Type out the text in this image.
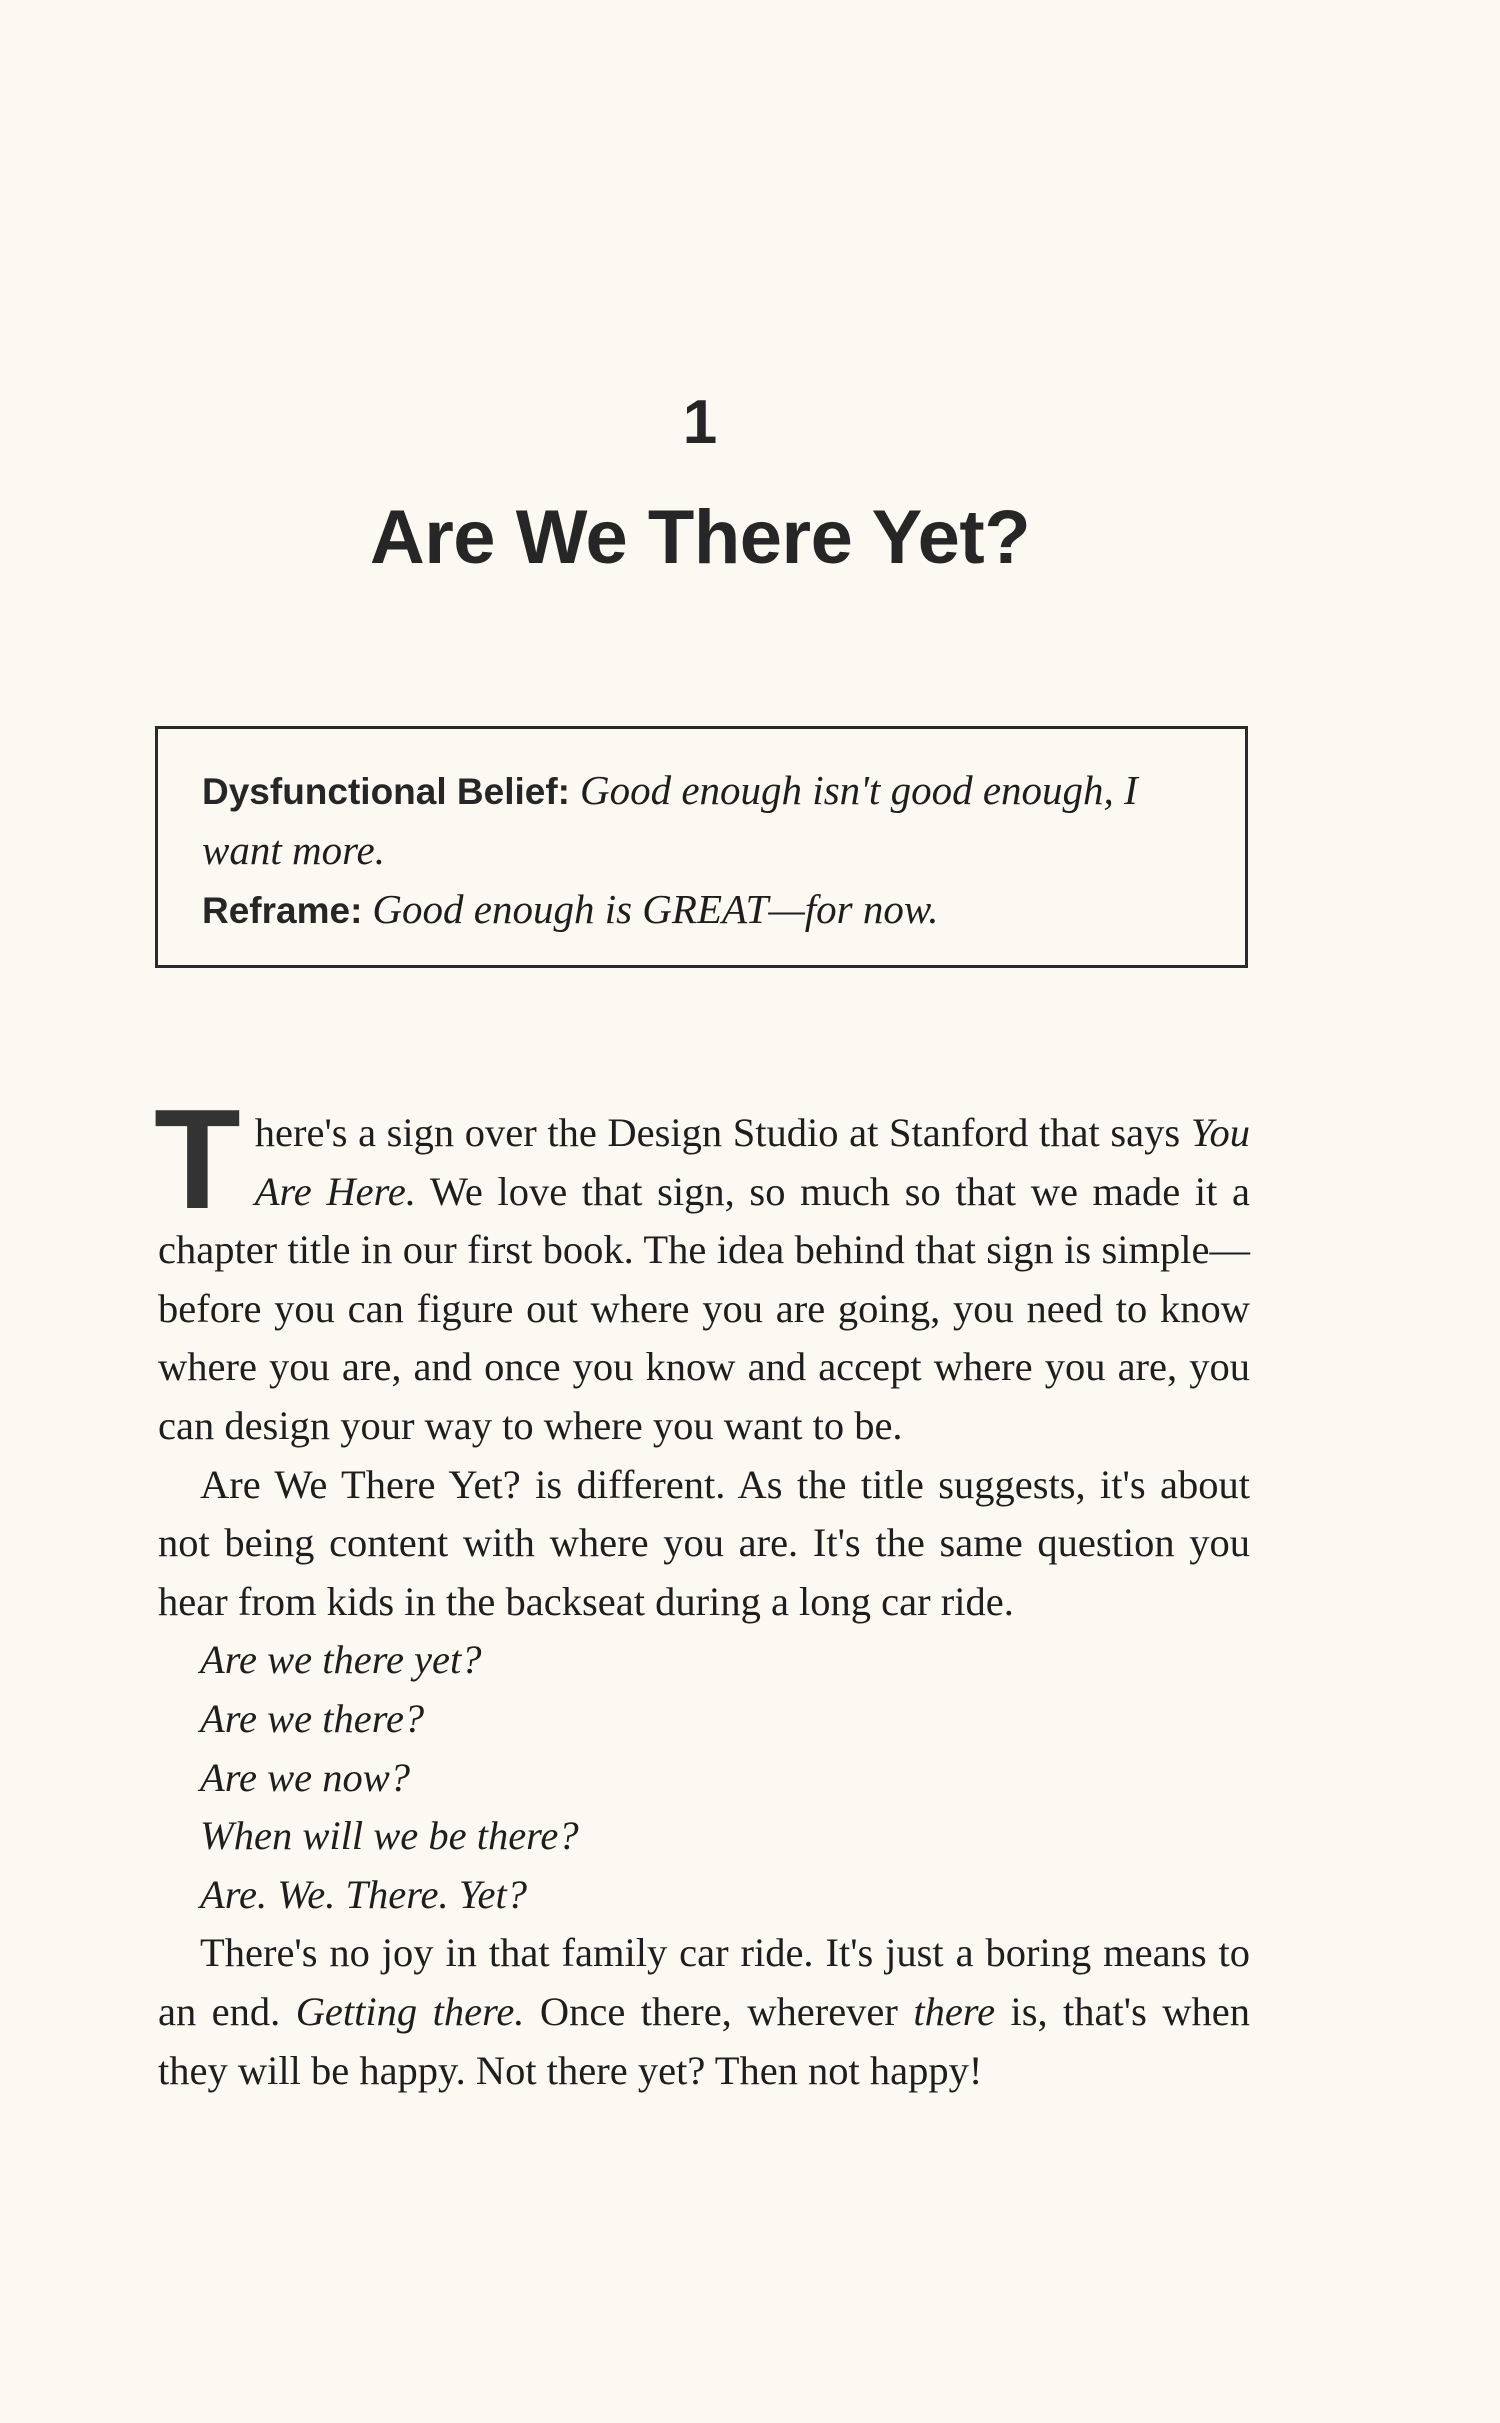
1
Are We There Yet?
Dysfunctional Belief: Good enough isn't good enough, I want more.
Reframe: Good enough is GREAT—for now.

There's a sign over the Design Studio at Stanford that says You Are Here. We love that sign, so much so that we made it a chapter title in our first book. The idea behind that sign is simple—before you can figure out where you are going, you need to know where you are, and once you know and accept where you are, you can design your way to where you want to be.

Are We There Yet? is different. As the title suggests, it's about not being content with where you are. It's the same question you hear from kids in the backseat during a long car ride.

Are we there yet?

Are we there?

Are we now?

When will we be there?

Are. We. There. Yet?

There's no joy in that family car ride. It's just a boring means to an end. Getting there. Once there, wherever there is, that's when they will be happy. Not there yet? Then not happy!
